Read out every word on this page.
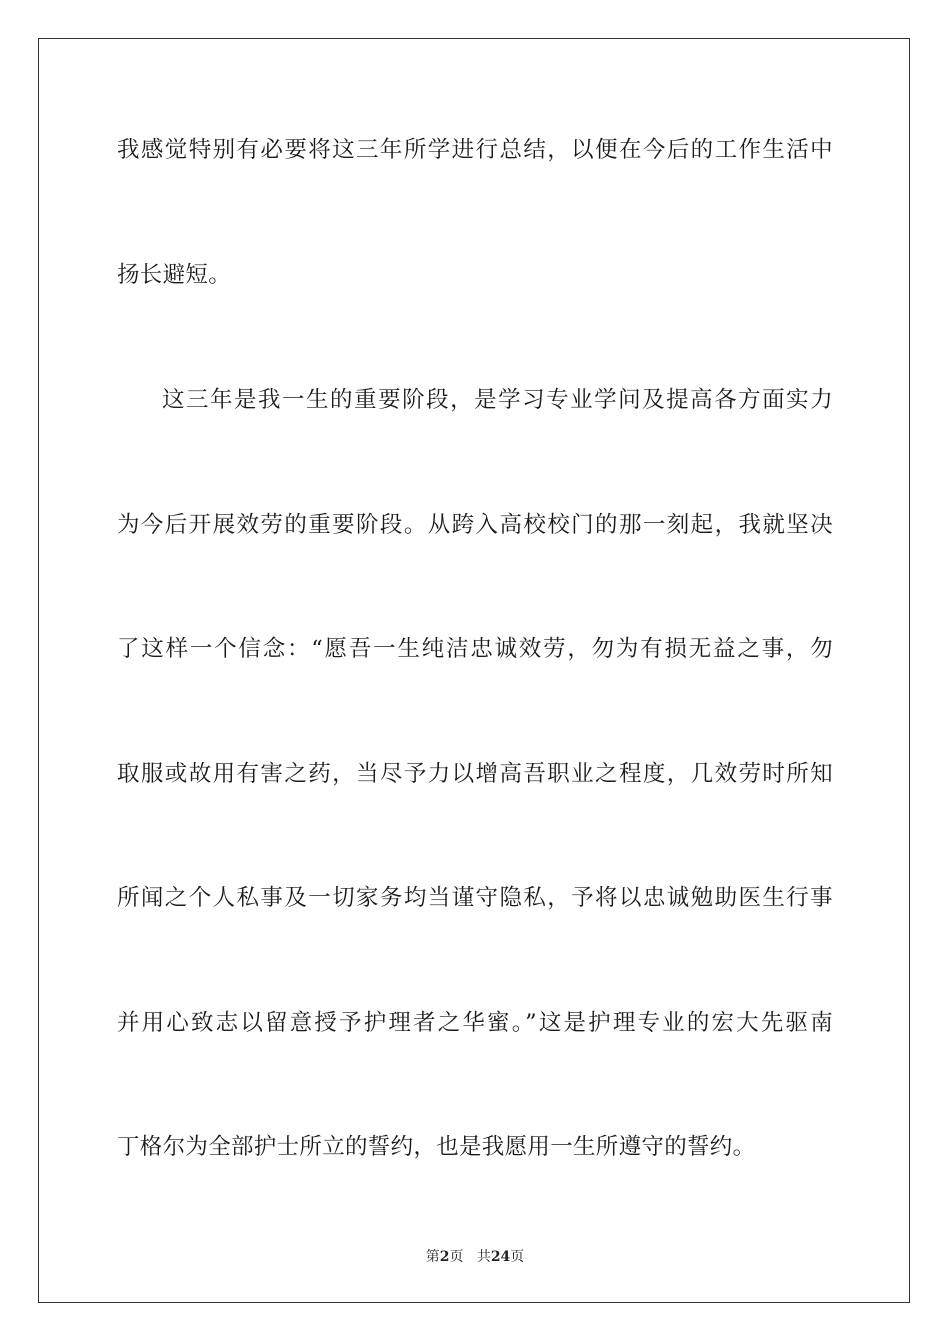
我感觉特别有必要将这三年所学进行总结，以便在今后的工作生活中
扬长避短。
这三年是我一生的重要阶段，是学习专业学问及提高各方面实力
为今后开展效劳的重要阶段。从跨入高校校门的那一刻起，我就坚决
了这样一个信念：“愿吾一生纯洁忠诚效劳，勿为有损无益之事，勿
取服或故用有害之药，当尽予力以增高吾职业之程度，几效劳时所知
所闻之个人私事及一切家务均当谨守隐私，予将以忠诚勉助医生行事
并用心致志以留意授予护理者之华蜜。”这是护理专业的宏大先驱南
丁格尔为全部护士所立的誓约，也是我愿用一生所遵守的誓约。
第2页 共24页
